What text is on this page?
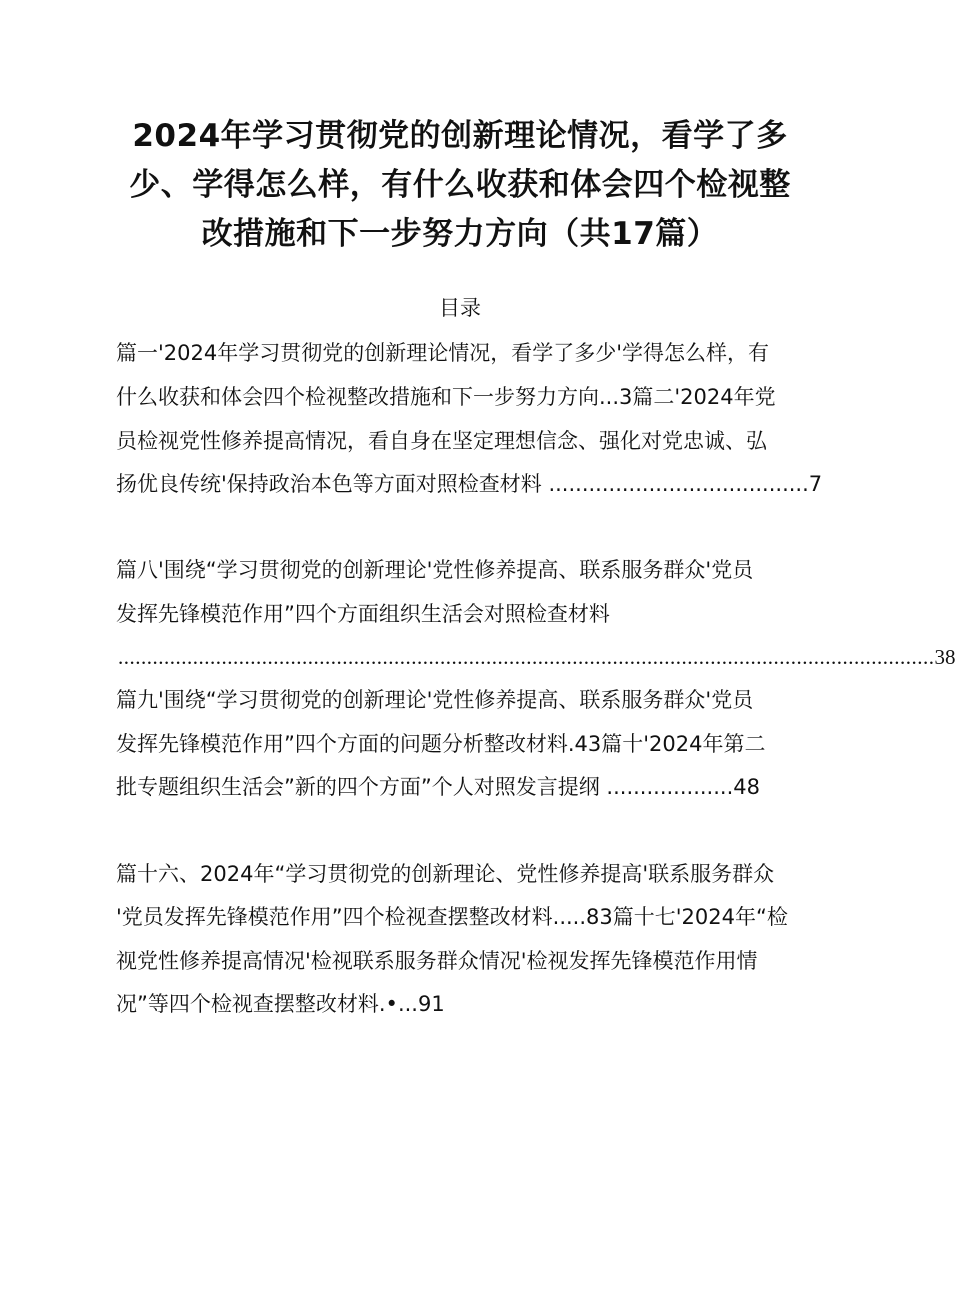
2024年学习贯彻党的创新理论情况，看学了多
少、学得怎么样，有什么收获和体会四个检视整
改措施和下一步努力方向（共17篇）
目录
篇一'2024年学习贯彻党的创新理论情况，看学了多少'学得怎么样，有
什么收获和体会四个检视整改措施和下一步努力方向...3篇二'2024年党
员检视党性修养提高情况，看自身在坚定理想信念、强化对党忠诚、弘
扬优良传统'保持政治本色等方面对照检查材料 .......................................7
篇八'围绕“学习贯彻党的创新理论'党性修养提高、联系服务群众'党员
发挥先锋模范作用”四个方面组织生活会对照检查材料
.............................................................................................................................................. 38
篇九'围绕“学习贯彻党的创新理论'党性修养提高、联系服务群众'党员
发挥先锋模范作用”四个方面的问题分析整改材料.43篇十'2024年第二
批专题组织生活会”新的四个方面”个人对照发言提纲 ...................48
篇十六、2024年“学习贯彻党的创新理论、党性修养提高'联系服务群众
'党员发挥先锋模范作用”四个检视查摆整改材料.....83篇十七'2024年“检
视党性修养提高情况'检视联系服务群众情况'检视发挥先锋模范作用情
况”等四个检视查摆整改材料.•...91
